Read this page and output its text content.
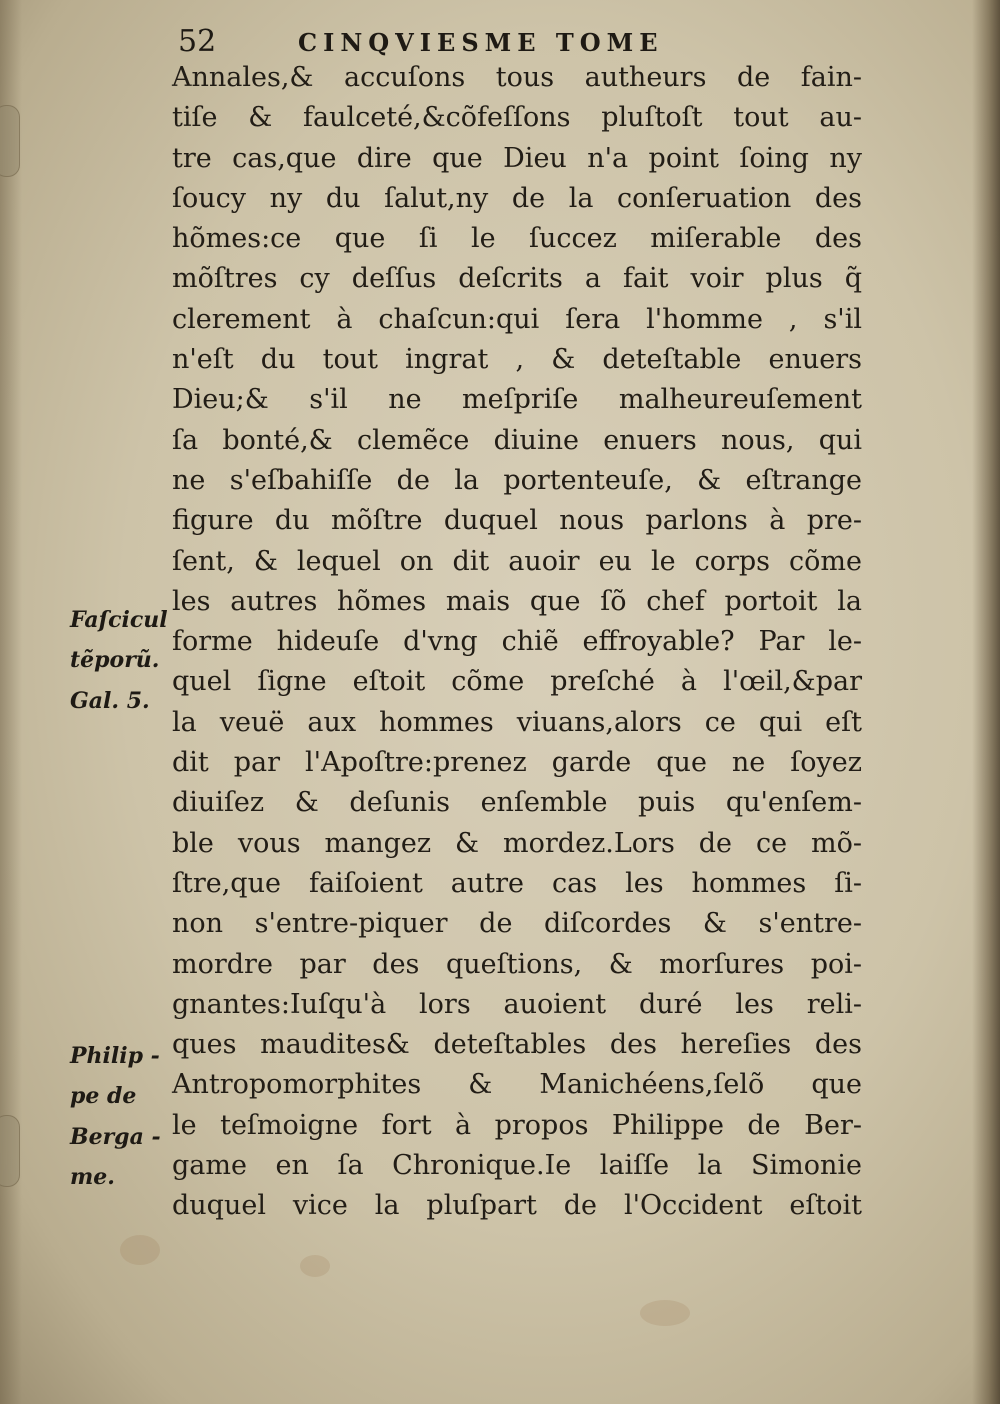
52	CINQVIESME TOME
Annales,& accuſons tous autheurs de fain-
tiſe & faulceté,&cõfeſſons pluſtoſt tout au-
tre cas,que dire que Dieu n'a point ſoing ny
ſoucy ny du ſalut,ny de la conſeruation des
hõmes:ce que ſi le ſuccez miſerable des
mõſtres cy deſſus deſcrits a fait voir plus q̃
clerement à chaſcun:qui ſera l'homme , s'il
n'eſt du tout ingrat , & deteſtable enuers
Dieu;& s'il ne meſpriſe malheureuſement
ſa bonté,& clemẽce diuine enuers nous, qui
ne s'eſbahiſſe de la portenteuſe, & eſtrange
figure du mõſtre duquel nous parlons à pre-
ſent, & lequel on dit auoir eu le corps cõme
les autres hõmes mais que ſõ chef portoit la
forme hideuſe d'vng chiẽ effroyable? Par le-
quel ſigne eſtoit cõme preſché à l'œil,&par
la veuë aux hommes viuans,alors ce qui eſt
dit par l'Apoſtre:prenez garde que ne ſoyez
diuiſez & deſunis enſemble puis qu'enſem-
ble vous mangez & mordez.Lors de ce mõ-
ſtre,que faiſoient autre cas les hommes ſi-
non s'entre-piquer de diſcordes & s'entre-
mordre par des queſtions, & morſures poi-
gnantes:Iuſqu'à lors auoient duré les reli-
ques maudites& deteſtables des hereſies des
Antropomorphites & Manichéens,ſelõ que
le teſmoigne fort à propos Philippe de Ber-
game en ſa Chronique.Ie laiſſe la Simonie
duquel vice la pluſpart de l'Occident eſtoit
Faſcicul
tẽporũ.
Gal. 5.
Philip -
pe de
Berga -
me.
